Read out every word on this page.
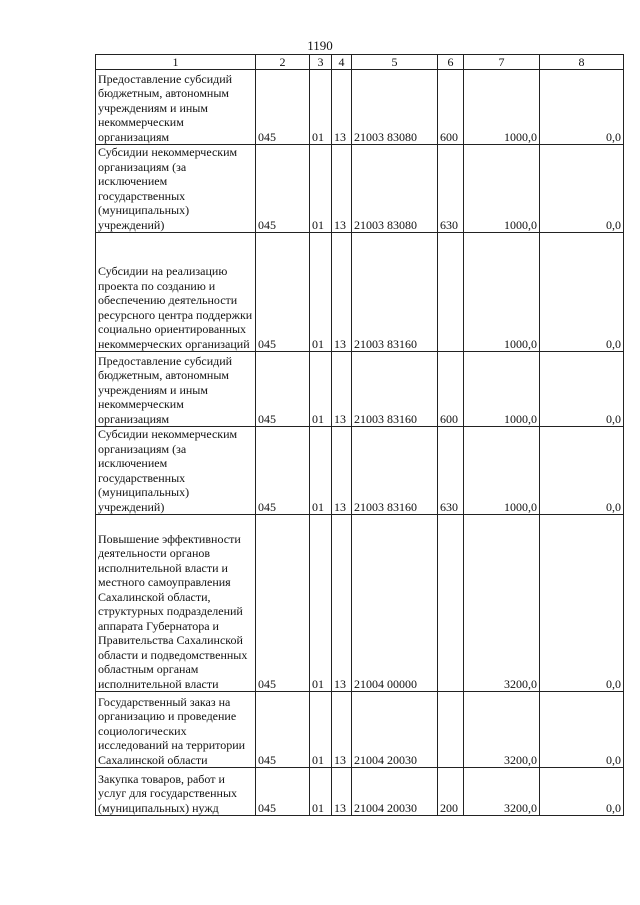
1190
1	2	3	4	5	6	7	8
Предоставление субсидий бюджетным, автономным учреждениям и иным некоммерческим организациям	045	01	13	21003 83080	600	1000,0	0,0
Субсидии некоммерческим организациям (за исключением государственных (муниципальных) учреждений)	045	01	13	21003 83080	630	1000,0	0,0
Субсидии на реализацию проекта по созданию и обеспечению деятельности ресурсного центра поддержки социально ориентированных некоммерческих организаций	045	01	13	21003 83160		1000,0	0,0
Предоставление субсидий бюджетным, автономным учреждениям и иным некоммерческим организациям	045	01	13	21003 83160	600	1000,0	0,0
Субсидии некоммерческим организациям (за исключением государственных (муниципальных) учреждений)	045	01	13	21003 83160	630	1000,0	0,0
Повышение эффективности деятельности органов исполнительной власти и местного самоуправления Сахалинской области, структурных подразделений аппарата Губернатора и Правительства Сахалинской области и подведомственных областным органам исполнительной власти	045	01	13	21004 00000		3200,0	0,0
Государственный заказ на организацию и проведение социологических исследований на территории Сахалинской области	045	01	13	21004 20030		3200,0	0,0
Закупка товаров, работ и услуг для государственных (муниципальных) нужд	045	01	13	21004 20030	200	3200,0	0,0
